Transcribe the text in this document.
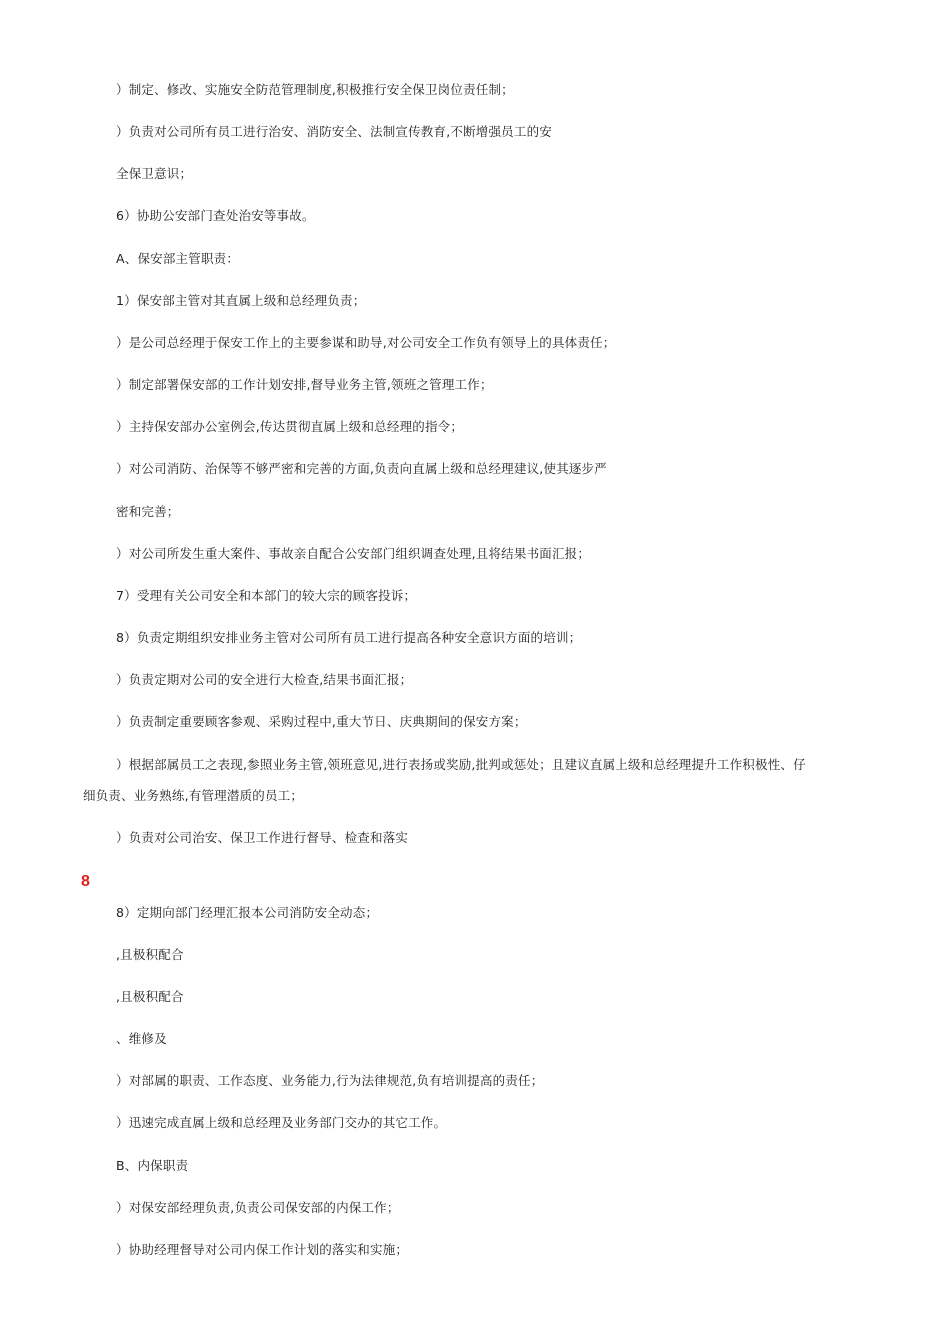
）制定、修改、实施安全防范管理制度,积极推行安全保卫岗位责任制；
）负责对公司所有员工进行治安、消防安全、法制宣传教育,不断增强员工的安
全保卫意识；
6）协助公安部门查处治安等事故。
A、保安部主管职责：
1）保安部主管对其直属上级和总经理负责；
）是公司总经理于保安工作上的主要参谋和助导,对公司安全工作负有领导上的具体责任；
）制定部署保安部的工作计划安排,督导业务主管,领班之管理工作；
）主持保安部办公室例会,传达贯彻直属上级和总经理的指令；
）对公司消防、治保等不够严密和完善的方面,负责向直属上级和总经理建议,使其逐步严
密和完善；
）对公司所发生重大案件、事故亲自配合公安部门组织调查处理,且将结果书面汇报；
7）受理有关公司安全和本部门的较大宗的顾客投诉；
8）负责定期组织安排业务主管对公司所有员工进行提高各种安全意识方面的培训；
）负责定期对公司的安全进行大检查,结果书面汇报；
）负责制定重要顾客参观、采购过程中,重大节日、庆典期间的保安方案；
）根据部属员工之表现,参照业务主管,领班意见,进行表扬或奖励,批判或惩处；且建议直属上级和总经理提升工作积极性、仔
细负责、业务熟练,有管理潜质的员工；
）负责对公司治安、保卫工作进行督导、检查和落实
8
8）定期向部门经理汇报本公司消防安全动态；
,且极积配合
,且极积配合
、维修及
）对部属的职责、工作态度、业务能力,行为法律规范,负有培训提高的责任；
）迅速完成直属上级和总经理及业务部门交办的其它工作。
B、内保职责
）对保安部经理负责,负责公司保安部的内保工作；
）协助经理督导对公司内保工作计划的落实和实施；
